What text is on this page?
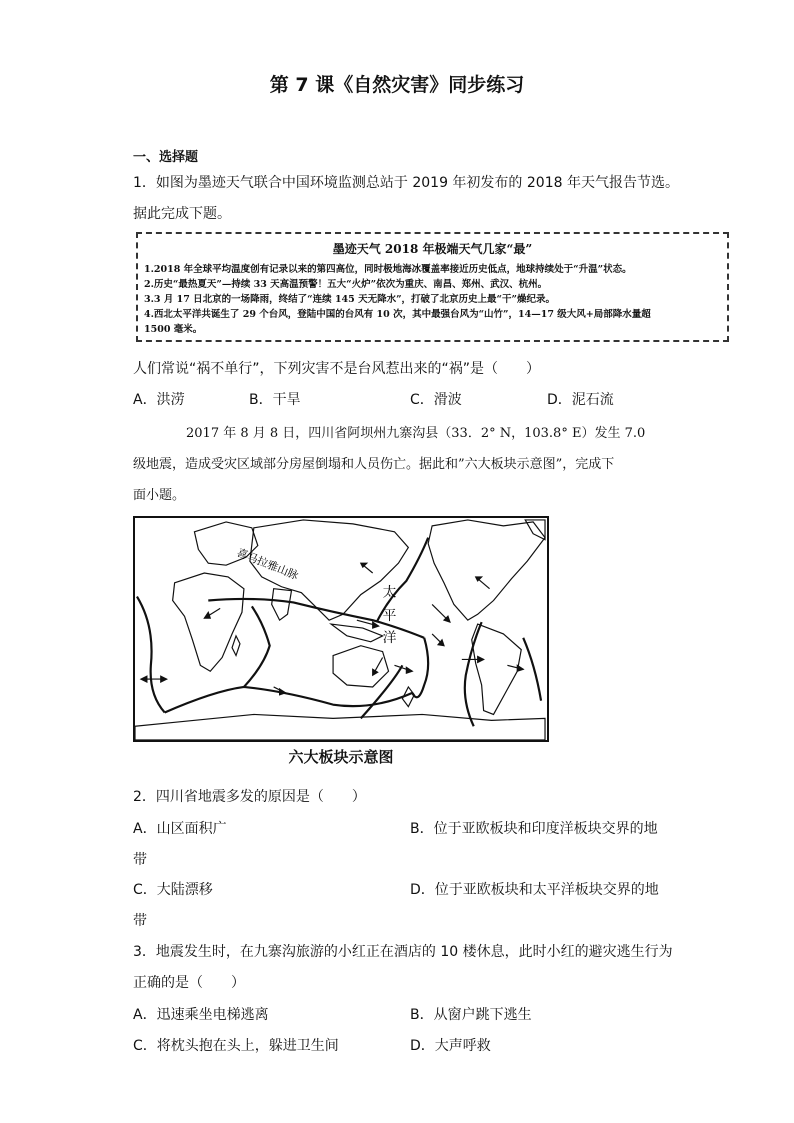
第 7 课《自然灾害》同步练习
一、选择题
1．如图为墨迹天气联合中国环境监测总站于 2019 年初发布的 2018 年天气报告节选。
据此完成下题。
墨迹天气 2018 年极端天气几家“最”
1.2018 年全球平均温度创有记录以来的第四高位，同时极地海冰覆盖率接近历史低点，地球持续处于“升温”状态。
2.历史“最热夏天”—持续 33 天高温预警！五大“火炉”依次为重庆、南昌、郑州、武汉、杭州。
3.3 月 17 日北京的一场降雨，终结了“连续 145 天无降水”，打破了北京历史上最“干”燥纪录。
4.西北太平洋共诞生了 29 个台风，登陆中国的台风有 10 次，其中最强台风为“山竹”，14—17 级大风+局部降水量超
1500 毫米。
人们常说“祸不单行”，下列灾害不是台风惹出来的“祸”是（　　）
A．洪涝	B．干旱	C．滑波	D．泥石流
2017 年 8 月 8 日，四川省阿坝州九寨沟县（33．2° N，103.8° E）发生 7.0
级地震，造成受灾区域部分房屋倒塌和人员伤亡。据此和”六大板块示意图”，完成下
面小题。
喜马拉雅山脉
太
平
洋
六大板块示意图
2．四川省地震多发的原因是（　　）
A．山区面积广	B．位于亚欧板块和印度洋板块交界的地
带
C．大陆漂移	D．位于亚欧板块和太平洋板块交界的地
带
3．地震发生时，在九寨沟旅游的小红正在酒店的 10 楼休息，此时小红的避灾逃生行为
正确的是（　　）
A．迅速乘坐电梯逃离	B．从窗户跳下逃生
C．将枕头抱在头上，躲进卫生间	D．大声呼救
